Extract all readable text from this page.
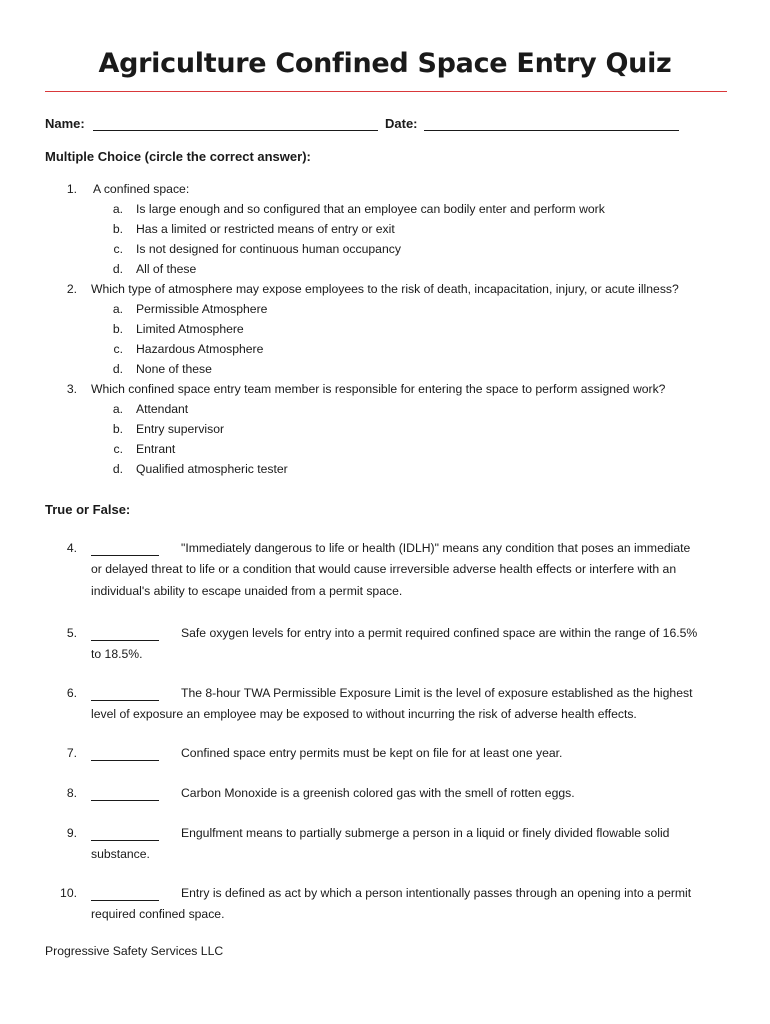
Agriculture Confined Space Entry Quiz
Name:	Date:
Multiple Choice (circle the correct answer):
1. A confined space:
a. Is large enough and so configured that an employee can bodily enter and perform work
b. Has a limited or restricted means of entry or exit
c. Is not designed for continuous human occupancy
d. All of these
2. Which type of atmosphere may expose employees to the risk of death, incapacitation, injury, or acute illness?
a. Permissible Atmosphere
b. Limited Atmosphere
c. Hazardous Atmosphere
d. None of these
3. Which confined space entry team member is responsible for entering the space to perform assigned work?
a. Attendant
b. Entry supervisor
c. Entrant
d. Qualified atmospheric tester
True or False:
4.	"Immediately dangerous to life or health (IDLH)" means any condition that poses an immediate
or delayed threat to life or a condition that would cause irreversible adverse health effects or interfere with an
individual's ability to escape unaided from a permit space.
5.	Safe oxygen levels for entry into a permit required confined space are within the range of 16.5%
to 18.5%.
6.	The 8-hour TWA Permissible Exposure Limit is the level of exposure established as the highest
level of exposure an employee may be exposed to without incurring the risk of adverse health effects.
7.	Confined space entry permits must be kept on file for at least one year.
8.	Carbon Monoxide is a greenish colored gas with the smell of rotten eggs.
9.	Engulfment means to partially submerge a person in a liquid or finely divided flowable solid
substance.
10.	Entry is defined as act by which a person intentionally passes through an opening into a permit
required confined space.
Progressive Safety Services LLC
